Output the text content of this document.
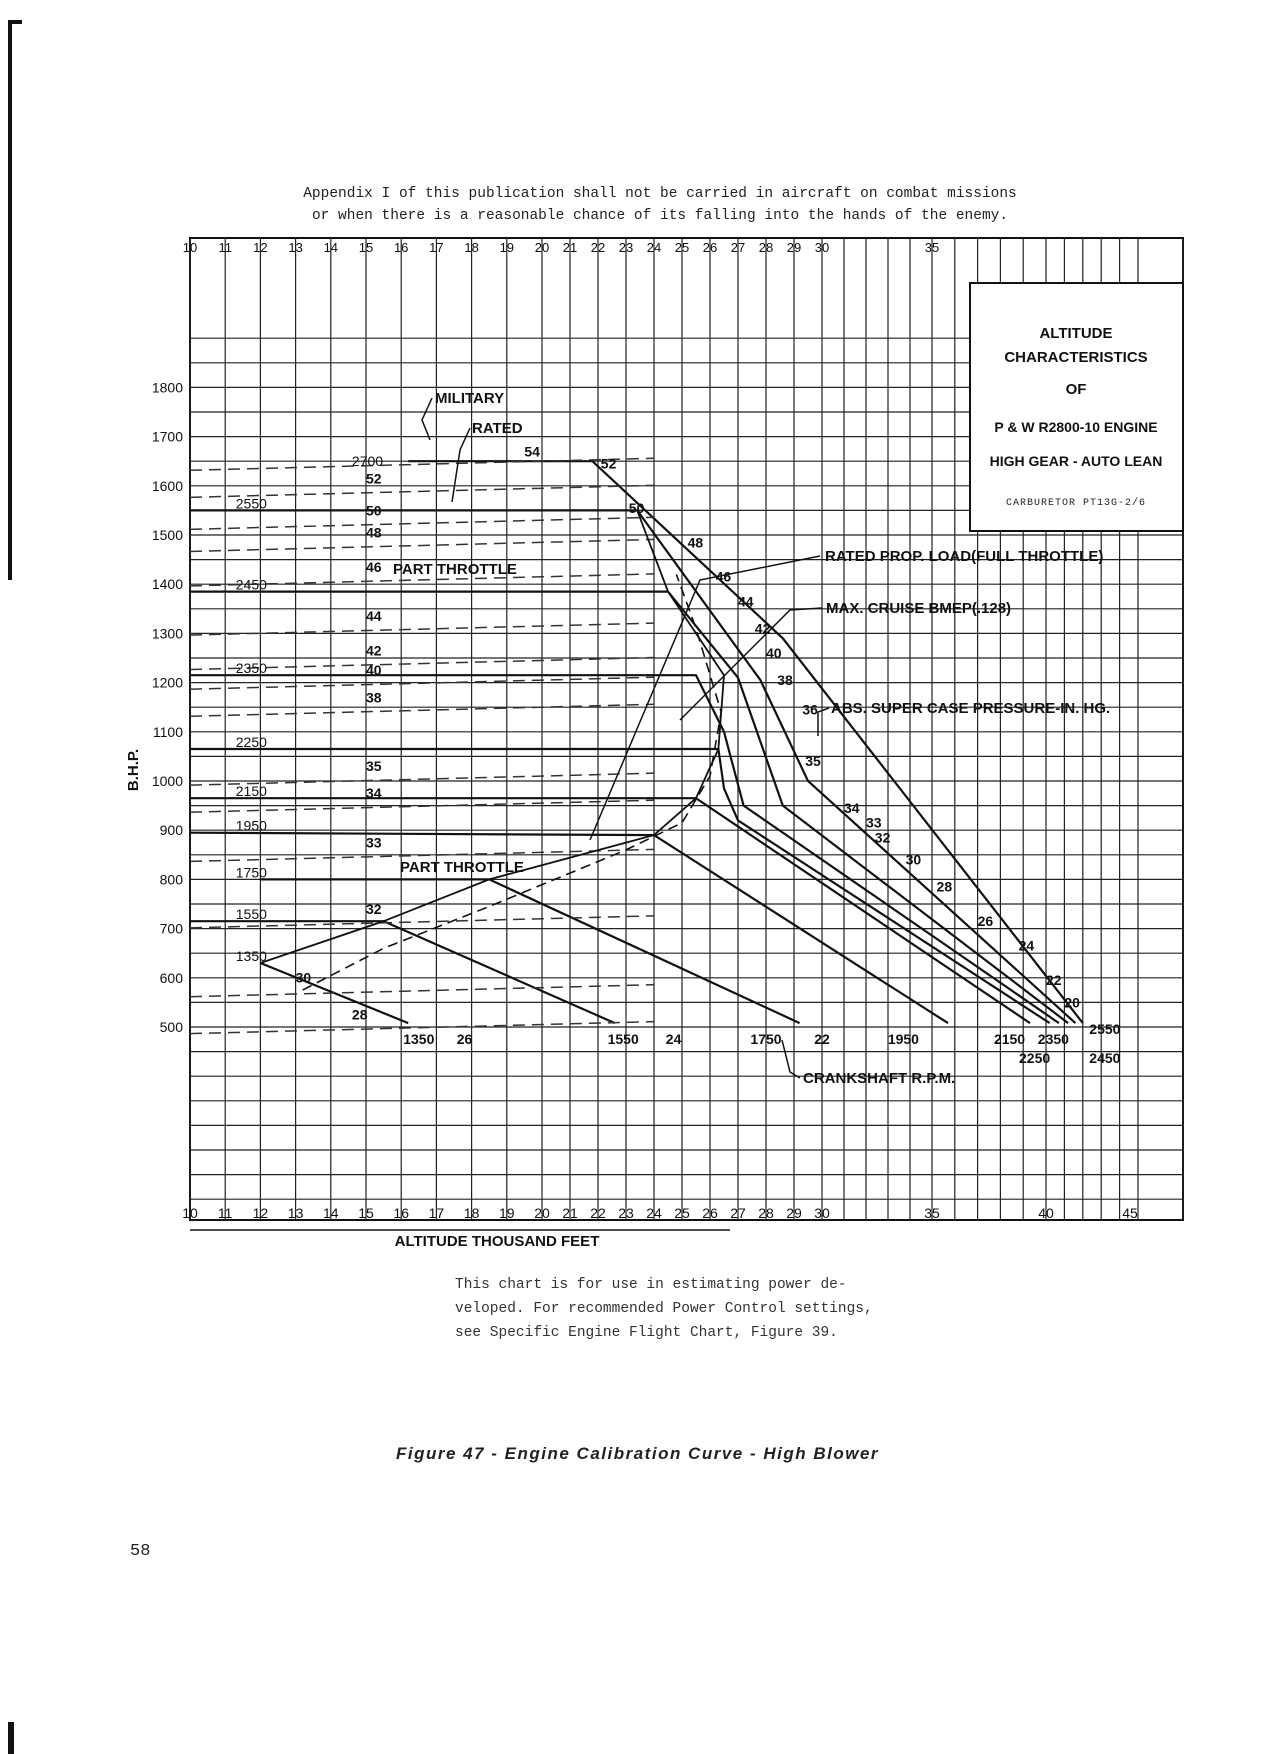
Appendix I of this publication shall not be carried in aircraft on combat missions
or when there is a reasonable chance of its falling into the hands of the enemy.
10 11 12 13 14 15 16 17 18 19 20 21 22 23 24 25 26 27 28 29 30	35
10 11 12 13 14 15 16 17 18 19 20 21 22 23 24 25 26 27 28 29 30	35	40	45
500
600
700
800
900
1000
1100
1200
1300
1400
1500
1600
1700
1800
ALTITUDE THOUSAND FEET
B.H.P.
2700
2550
2450
2350
2250
2150
1950
1750
1550
1350
54
52
50
48
46
44
42
40
38
35
34
33
32
30
28
52
50
48
46
44
42
40
38
36
35
34
33
32
30
28
26
24
22
20
1350 26	1550 24	1750 22	1950	2150
2250
2350
2550
2450
MILITARY
RATED
PART THROTTLE
PART THROTTLE
RATED PROP. LOAD(FULL THROTTLE)
MAX. CRUISE BMEP(.128)
ABS. SUPER CASE PRESSURE-IN. HG.
CRANKSHAFT R.P.M.
ALTITUDE
CHARACTERISTICS
OF
P & W R2800-10 ENGINE
HIGH GEAR - AUTO LEAN
CARBURETOR PT13G-2/6
This chart is for use in estimating power de-
veloped. For recommended Power Control settings,
see Specific Engine Flight Chart, Figure 39.
Figure 47 - Engine Calibration Curve - High Blower
58
